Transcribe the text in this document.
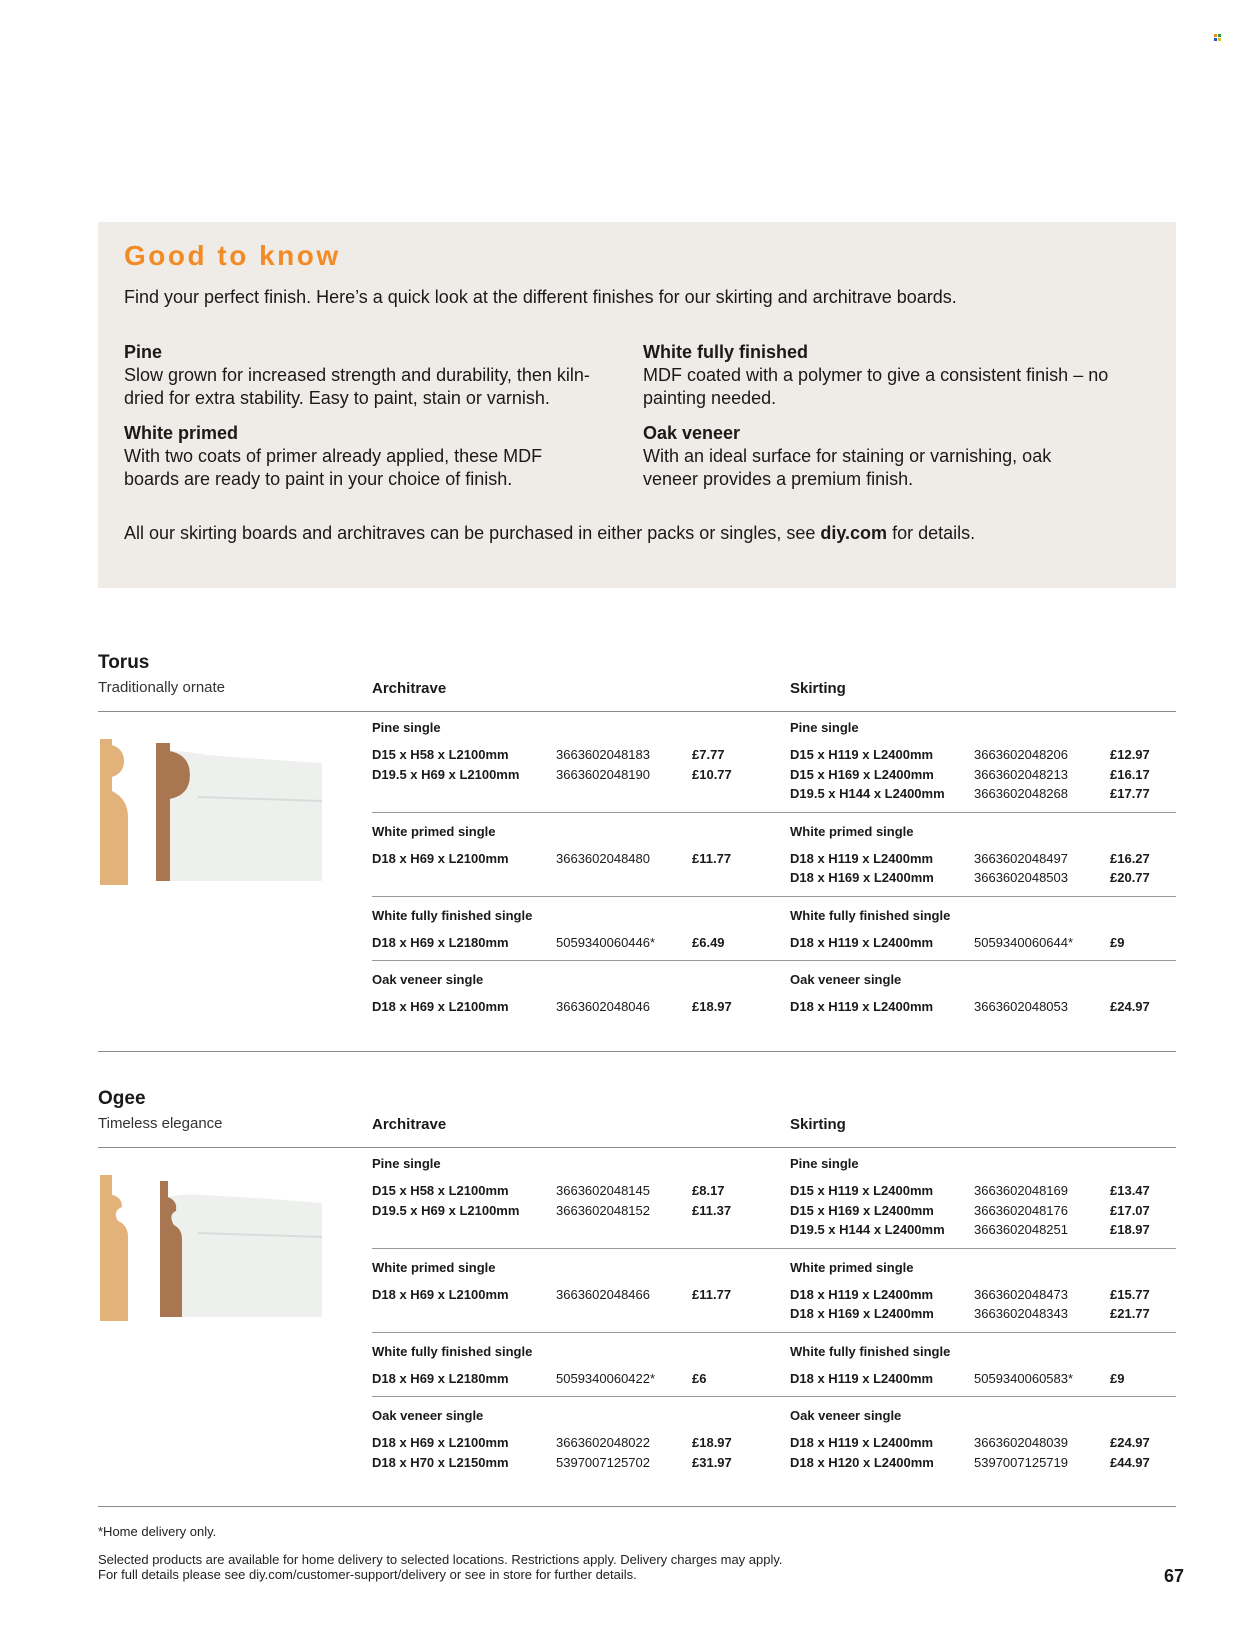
Good to know
Find your perfect finish. Here’s a quick look at the different finishes for our skirting and architrave boards.
Pine
Slow grown for increased strength and durability, then kiln-dried for extra stability. Easy to paint, stain or varnish.
White fully finished
MDF coated with a polymer to give a consistent finish – no painting needed.
White primed
With two coats of primer already applied, these MDF boards are ready to paint in your choice of finish.
Oak veneer
With an ideal surface for staining or varnishing, oak veneer provides a premium finish.
All our skirting boards and architraves can be purchased in either packs or singles, see diy.com for details.
Torus
Traditionally ornate	Architrave	Skirting
Pine single	Pine single
D15 x H58 x L2100mm	3663602048183	£7.77
D19.5 x H69 x L2100mm	3663602048190	£10.77
D15 x H119 x L2400mm	3663602048206	£12.97
D15 x H169 x L2400mm	3663602048213	£16.17
D19.5 x H144 x L2400mm 3663602048268	£17.77
White primed single	White primed single
D18 x H69 x L2100mm	3663602048480	£11.77	D18 x H119 x L2400mm	3663602048497	£16.27
D18 x H169 x L2400mm	3663602048503	£20.77
White fully finished single	White fully finished single
D18 x H69 x L2180mm	5059340060446*	£6.49	D18 x H119 x L2400mm	5059340060644*	£9
Oak veneer single	Oak veneer single
D18 x H69 x L2100mm	3663602048046	£18.97	D18 x H119 x L2400mm	3663602048053	£24.97
Ogee
Timeless elegance	Architrave	Skirting
Pine single	Pine single
D15 x H58 x L2100mm	3663602048145	£8.17
D19.5 x H69 x L2100mm	3663602048152	£11.37
D15 x H119 x L2400mm	3663602048169	£13.47
D15 x H169 x L2400mm	3663602048176	£17.07
D19.5 x H144 x L2400mm 3663602048251	£18.97
White primed single	White primed single
D18 x H69 x L2100mm	3663602048466	£11.77	D18 x H119 x L2400mm	3663602048473	£15.77
D18 x H169 x L2400mm	3663602048343	£21.77
White fully finished single	White fully finished single
D18 x H69 x L2180mm	5059340060422*	£6	D18 x H119 x L2400mm	5059340060583*	£9
Oak veneer single	Oak veneer single
D18 x H69 x L2100mm	3663602048022	£18.97
D18 x H70 x L2150mm	5397007125702	£31.97
D18 x H119 x L2400mm	3663602048039	£24.97
D18 x H120 x L2400mm	5397007125719	£44.97
*Home delivery only.
Selected products are available for home delivery to selected locations. Restrictions apply. Delivery charges may apply.
For full details please see diy.com/customer-support/delivery or see in store for further details.	67
